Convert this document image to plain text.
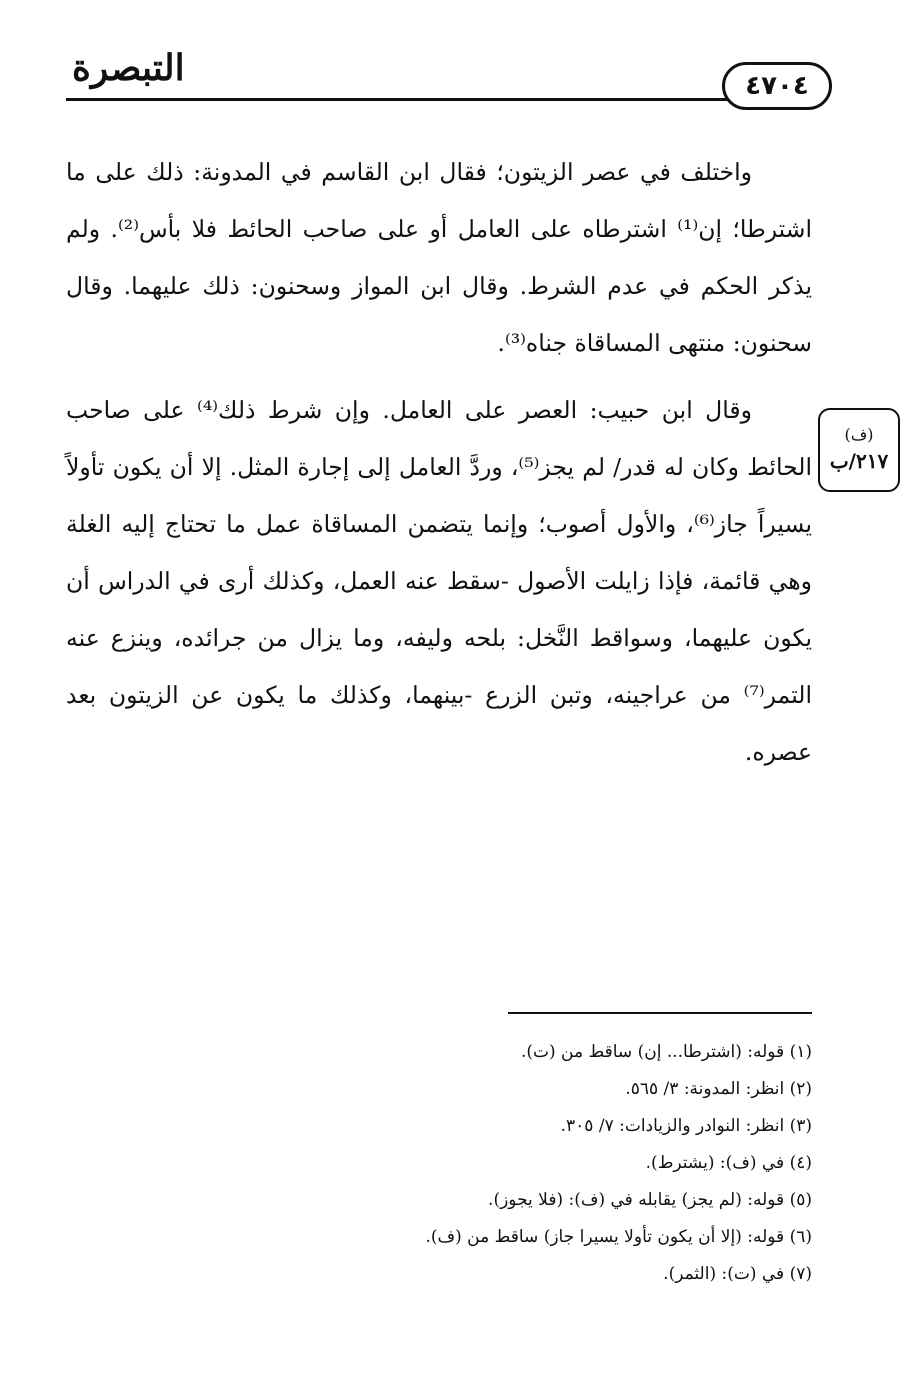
التبصرة	٤٧٠٤

واختلف في عصر الزيتون؛ فقال ابن القاسم في المدونة: ذلك على ما اشترطا؛ إن⁽¹⁾ اشترطاه على العامل أو على صاحب الحائط فلا بأس⁽²⁾. ولم يذكر الحكم في عدم الشرط. وقال ابن المواز وسحنون: ذلك عليهما. وقال سحنون: منتهى المساقاة جناه⁽³⁾.

وقال ابن حبيب: العصر على العامل. وإن شرط ذلك⁽⁴⁾ على صاحب الحائط وكان له قدر/ لم يجز⁽⁵⁾، وردَّ العامل إلى إجارة المثل. إلا أن يكون تأولاً يسيراً جاز⁽⁶⁾، والأول أصوب؛ وإنما يتضمن المساقاة عمل ما تحتاج إليه الغلة وهي قائمة، فإذا زايلت الأصول -سقط عنه العمل، وكذلك أرى في الدراس أن يكون عليهما، وسواقط النَّخل: بلحه وليفه، وما يزال من جرائده، وينزع عنه التمر⁽⁷⁾ من عراجينه، وتبن الزرع -بينهما، وكذلك ما يكون عن الزيتون بعد عصره.

(ف)
٢١٧/ب
(١) قوله: (اشترطا... إن) ساقط من (ت).
(٢) انظر: المدونة: ٣/ ٥٦٥.
(٣) انظر: النوادر والزيادات: ٧/ ٣٠٥.
(٤) في (ف): (يشترط).
(٥) قوله: (لم يجز) يقابله في (ف): (فلا يجوز).
(٦) قوله: (إلا أن يكون تأولا يسيرا جاز) ساقط من (ف).
(٧) في (ت): (الثمر).
